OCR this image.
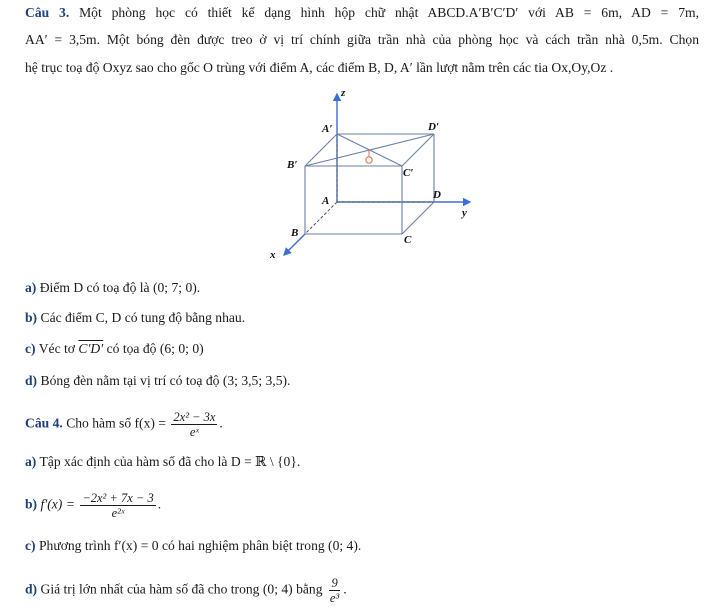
Câu 3. Một phòng học có thiết kế dạng hình hộp chữ nhật ABCD.A′B′C′D′ với AB = 6m, AD = 7m,
AA′ = 3,5m. Một bóng đèn được treo ở vị trí chính giữa trần nhà của phòng học và cách trần nhà 0,5m. Chọn
hệ trục toạ độ Oxyz sao cho gốc O trùng với điểm A, các điểm B, D, A′ lần lượt nằm trên các tia Ox,Oy,Oz .
z
y
x
A′	D′
B′
C′
A	D
B
C
a) Điểm D có toạ độ là (0; 7; 0).
b) Các điểm C, D có tung độ bằng nhau.
c) Véc tơ C′D′ có tọa độ (6; 0; 0)
d) Bóng đèn nằm tại vị trí có toạ độ (3; 3,5; 3,5).
Câu 4. Cho hàm số $f(x) = \frac{\text{2x² − 3x}}{\text{eˣ}}$ .
a) Tập xác định của hàm số đã cho là D = ℝ \ {0}.
b) $f'(x) = \frac{\text{−2x² + 7x − 3}}{\text{e²ˣ}}$ .
c) Phương trình f′(x) = 0 có hai nghiệm phân biệt trong (0; 4).
d) Giá trị lớn nhất của hàm số đã cho trong (0; 4) bằng $\frac{9}{\text{e³}}$ .
